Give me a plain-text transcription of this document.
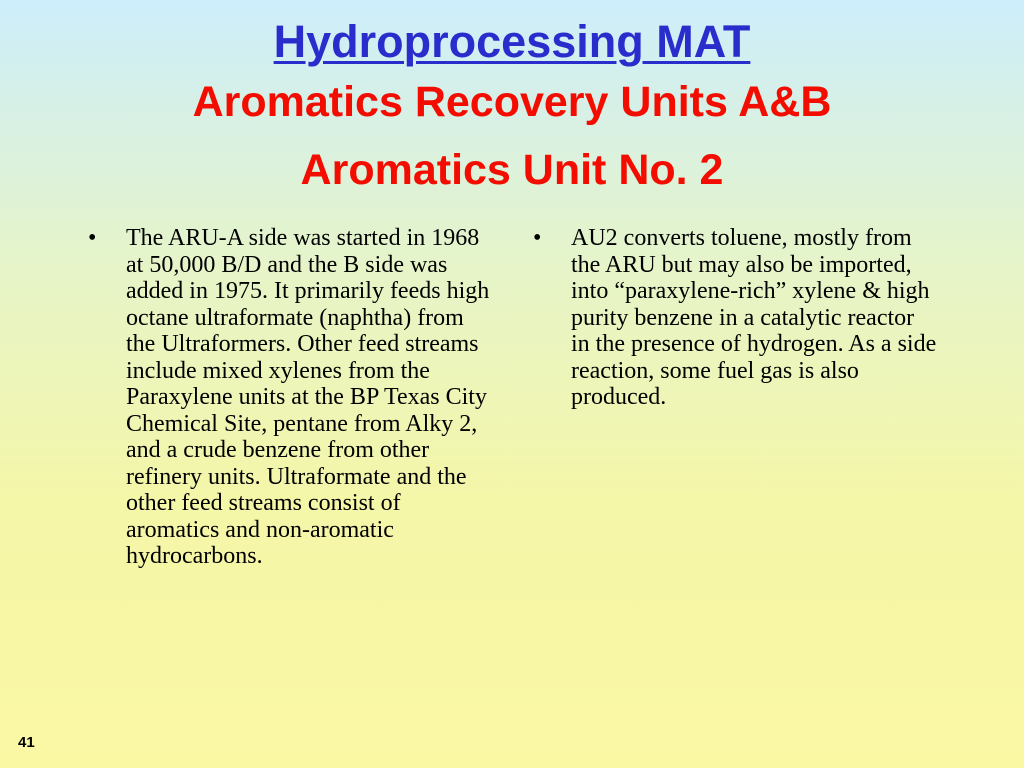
Hydroprocessing MAT
Aromatics Recovery Units A&B
Aromatics Unit No. 2
• The ARU-A side was started in 1968 at 50,000 B/D and the B side was added in 1975. It primarily feeds high octane ultraformate (naphtha) from the Ultraformers. Other feed streams include mixed xylenes from the Paraxylene units at the BP Texas City Chemical Site, pentane from Alky 2, and a crude benzene from other refinery units. Ultraformate and the other feed streams consist of aromatics and non-aromatic hydrocarbons.
• AU2 converts toluene, mostly from the ARU but may also be imported, into “paraxylene-rich” xylene & high purity benzene in a catalytic reactor in the presence of hydrogen. As a side reaction, some fuel gas is also produced.
41
